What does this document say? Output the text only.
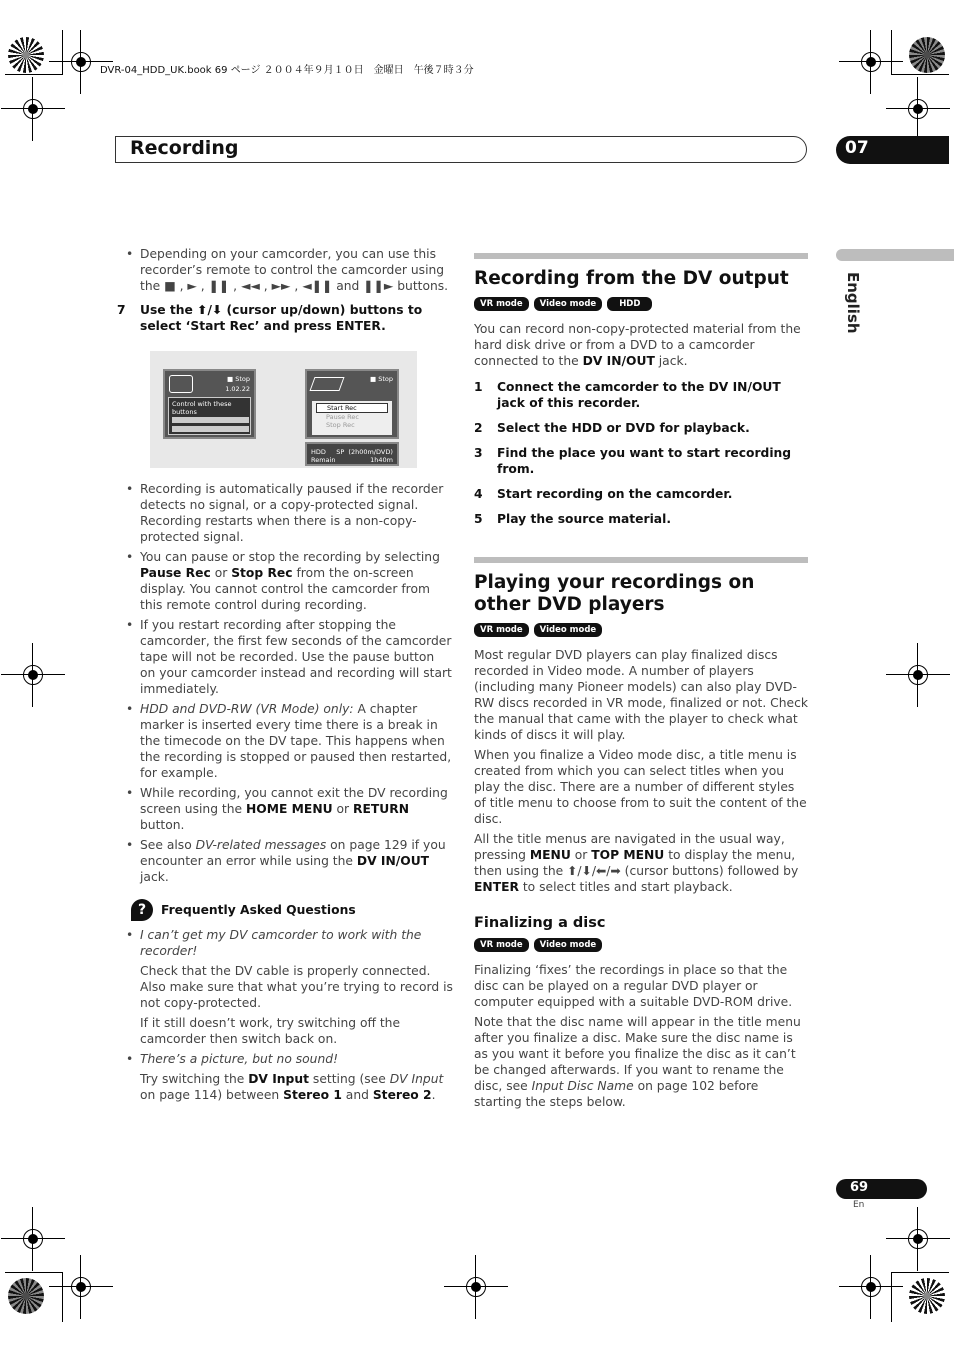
DVR-04_HDD_UK.book 69 ページ ２００４年９月１０日　金曜日　午後７時３分
Recording	07
English
• Depending on your camcorder, you can use this recorder’s remote to control the camcorder using the ■ , ► , ❚❚ , ◄◄ , ►► , ◄❚❚ and ❚❚► buttons.
7 Use the ⬆/⬇ (cursor up/down) buttons to select ‘Start Rec’ and press ENTER.
■ Stop
1.02.22
Control with these buttons
■ Stop
Start Rec
Pause Rec
Stop Rec
HDD     SP  (2h00m/DVD)
Remain	1h40m
• Recording is automatically paused if the recorder detects no signal, or a copy-protected signal. Recording restarts when there is a non-copy-protected signal.
• You can pause or stop the recording by selecting Pause Rec or Stop Rec from the on-screen display. You cannot control the camcorder from this remote control during recording.
• If you restart recording after stopping the camcorder, the first few seconds of the camcorder tape will not be recorded. Use the pause button on your camcorder instead and recording will start immediately.
• HDD and DVD-RW (VR Mode) only: A chapter marker is inserted every time there is a break in the timecode on the DV tape. This happens when the recording is stopped or paused then restarted, for example.
• While recording, you cannot exit the DV recording screen using the HOME MENU or RETURN button.
• See also DV-related messages on page 129 if you encounter an error while using the DV IN/OUT jack.
?	Frequently Asked Questions
• I can’t get my DV camcorder to work with the recorder!

Check that the DV cable is properly connected. Also make sure that what you’re trying to record is not copy-protected.

If it still doesn’t work, try switching off the camcorder then switch back on.

• There’s a picture, but no sound!

Try switching the DV Input setting (see DV Input on page 114) between Stereo 1 and Stereo 2.

Recording from the DV output
VR mode	Video mode	HDD

You can record non-copy-protected material from the hard disk drive or from a DVD to a camcorder connected to the DV IN/OUT jack.

1 Connect the camcorder to the DV IN/OUT jack of this recorder.
2 Select the HDD or DVD for playback.
3 Find the place you want to start recording from.
4 Start recording on the camcorder.
5 Play the source material.
Playing your recordings on other DVD players
VR mode	Video mode

Most regular DVD players can play finalized discs recorded in Video mode. A number of players (including many Pioneer models) can also play DVD-RW discs recorded in VR mode, finalized or not. Check the manual that came with the player to check what kinds of discs it will play.

When you finalize a Video mode disc, a title menu is created from which you can select titles when you play the disc. There are a number of different styles of title menu to choose from to suit the content of the disc.

All the title menus are navigated in the usual way, pressing MENU or TOP MENU to display the menu, then using the ⬆/⬇/⬅/➡ (cursor buttons) followed by ENTER to select titles and start playback.

Finalizing a disc
VR mode	Video mode

Finalizing ‘fixes’ the recordings in place so that the disc can be played on a regular DVD player or computer equipped with a suitable DVD-ROM drive.

Note that the disc name will appear in the title menu after you finalize a disc. Make sure the disc name is as you want it before you finalize the disc as it can’t be changed afterwards. If you want to rename the disc, see Input Disc Name on page 102 before starting the steps below.

69
En
